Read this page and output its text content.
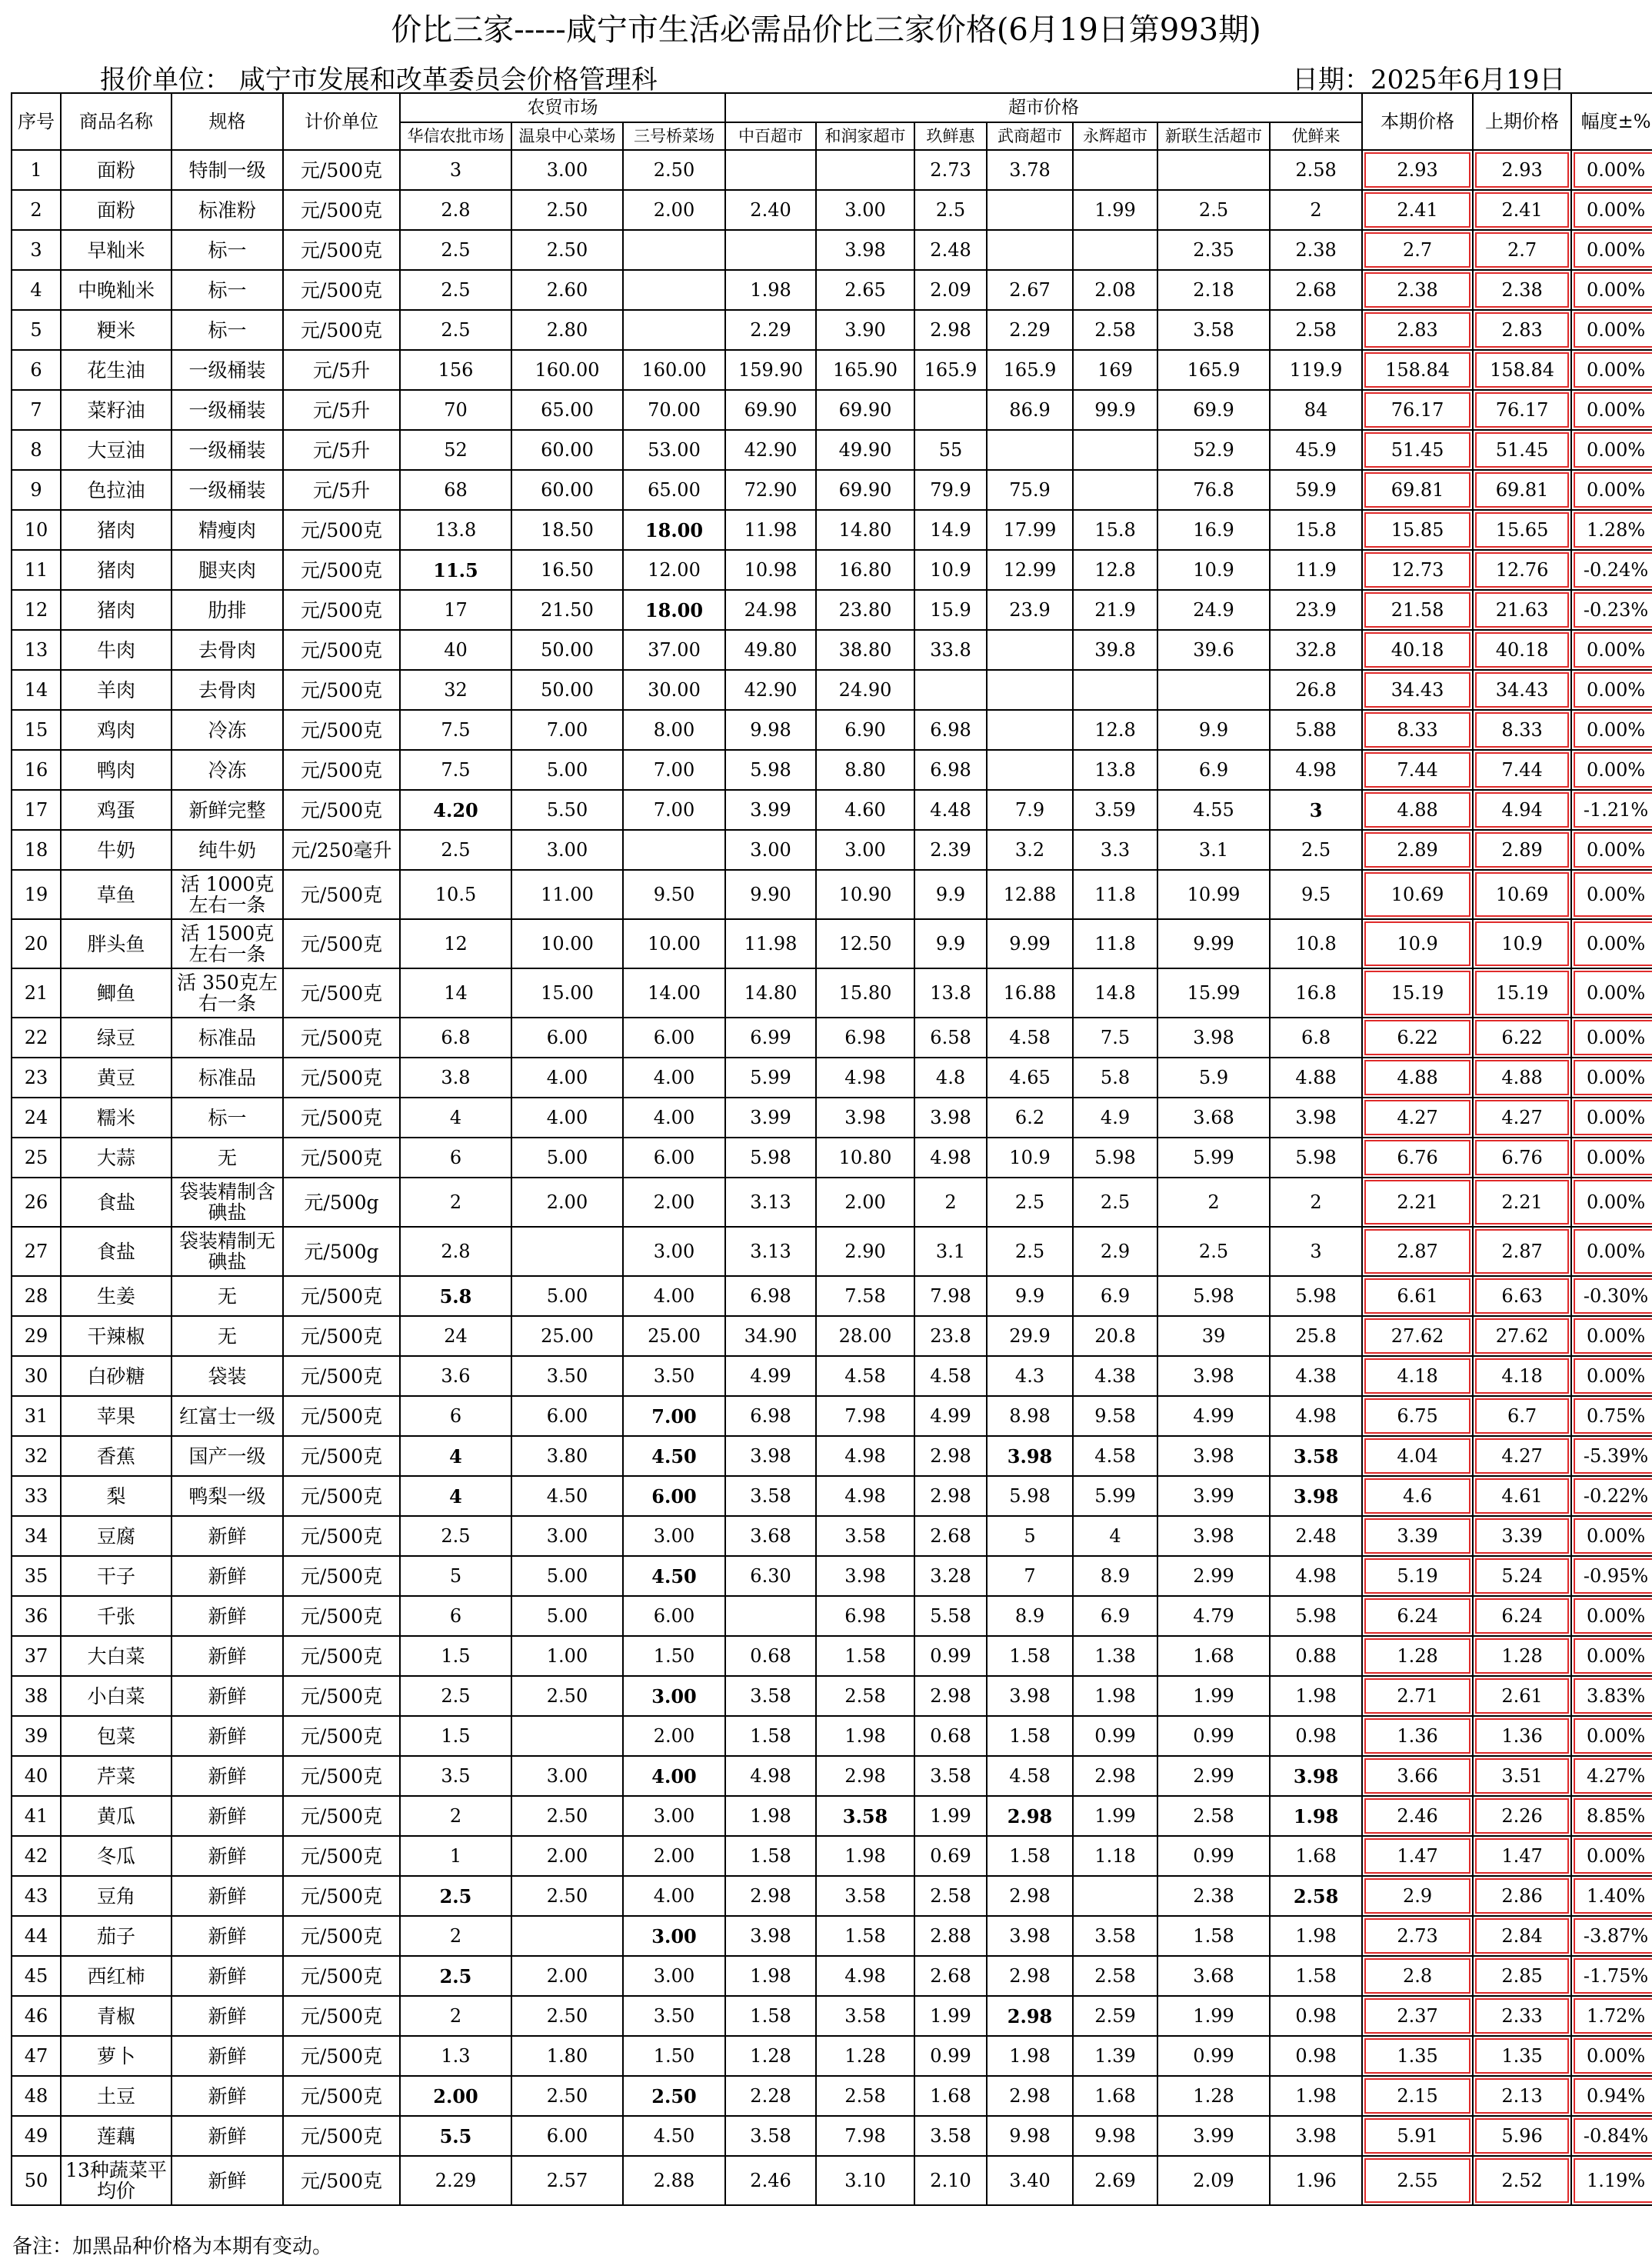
价比三家-----咸宁市生活必需品价比三家价格(6月19日第993期)
报价单位： 咸宁市发展和改革委员会价格管理科	日期：2025年6月19日
序号	商品名称	规格	计价单位	农贸市场			超市价格							本期价格	上期价格	幅度±%
				华信农批市场	温泉中心菜场	三号桥菜场	中百超市	和润家超市	玖鲜惠	武商超市	永辉超市	新联生活超市	优鲜来			
1	面粉	特制一级	元/500克	3	3.00	2.50			2.73	3.78			2.58	2.93	2.93	0.00%
2	面粉	标准粉	元/500克	2.8	2.50	2.00	2.40	3.00	2.5		1.99	2.5	2	2.41	2.41	0.00%
3	早籼米	标一	元/500克	2.5	2.50			3.98	2.48			2.35	2.38	2.7	2.7	0.00%
4	中晚籼米	标一	元/500克	2.5	2.60		1.98	2.65	2.09	2.67	2.08	2.18	2.68	2.38	2.38	0.00%
5	粳米	标一	元/500克	2.5	2.80		2.29	3.90	2.98	2.29	2.58	3.58	2.58	2.83	2.83	0.00%
6	花生油	一级桶装	元/5升	156	160.00	160.00	159.90	165.90	165.9	165.9	169	165.9	119.9	158.84	158.84	0.00%
7	菜籽油	一级桶装	元/5升	70	65.00	70.00	69.90	69.90		86.9	99.9	69.9	84	76.17	76.17	0.00%
8	大豆油	一级桶装	元/5升	52	60.00	53.00	42.90	49.90	55			52.9	45.9	51.45	51.45	0.00%
9	色拉油	一级桶装	元/5升	68	60.00	65.00	72.90	69.90	79.9	75.9		76.8	59.9	69.81	69.81	0.00%
10	猪肉	精瘦肉	元/500克	13.8	18.50	18.00	11.98	14.80	14.9	17.99	15.8	16.9	15.8	15.85	15.65	1.28%
11	猪肉	腿夹肉	元/500克	11.5	16.50	12.00	10.98	16.80	10.9	12.99	12.8	10.9	11.9	12.73	12.76	-0.24%
12	猪肉	肋排	元/500克	17	21.50	18.00	24.98	23.80	15.9	23.9	21.9	24.9	23.9	21.58	21.63	-0.23%
13	牛肉	去骨肉	元/500克	40	50.00	37.00	49.80	38.80	33.8		39.8	39.6	32.8	40.18	40.18	0.00%
14	羊肉	去骨肉	元/500克	32	50.00	30.00	42.90	24.90					26.8	34.43	34.43	0.00%
15	鸡肉	冷冻	元/500克	7.5	7.00	8.00	9.98	6.90	6.98		12.8	9.9	5.88	8.33	8.33	0.00%
16	鸭肉	冷冻	元/500克	7.5	5.00	7.00	5.98	8.80	6.98		13.8	6.9	4.98	7.44	7.44	0.00%
17	鸡蛋	新鲜完整	元/500克	4.20	5.50	7.00	3.99	4.60	4.48	7.9	3.59	4.55	3	4.88	4.94	-1.21%
18	牛奶	纯牛奶	元/250毫升	2.5	3.00		3.00	3.00	2.39	3.2	3.3	3.1	2.5	2.89	2.89	0.00%
19	草鱼	活 1000克左右一条	元/500克	10.5	11.00	9.50	9.90	10.90	9.9	12.88	11.8	10.99	9.5	10.69	10.69	0.00%
20	胖头鱼	活 1500克左右一条	元/500克	12	10.00	10.00	11.98	12.50	9.9	9.99	11.8	9.99	10.8	10.9	10.9	0.00%
21	鲫鱼	活 350克左右一条	元/500克	14	15.00	14.00	14.80	15.80	13.8	16.88	14.8	15.99	16.8	15.19	15.19	0.00%
22	绿豆	标准品	元/500克	6.8	6.00	6.00	6.99	6.98	6.58	4.58	7.5	3.98	6.8	6.22	6.22	0.00%
23	黄豆	标准品	元/500克	3.8	4.00	4.00	5.99	4.98	4.8	4.65	5.8	5.9	4.88	4.88	4.88	0.00%
24	糯米	标一	元/500克	4	4.00	4.00	3.99	3.98	3.98	6.2	4.9	3.68	3.98	4.27	4.27	0.00%
25	大蒜	无	元/500克	6	5.00	6.00	5.98	10.80	4.98	10.9	5.98	5.99	5.98	6.76	6.76	0.00%
26	食盐	袋装精制含碘盐	元/500g	2	2.00	2.00	3.13	2.00	2	2.5	2.5	2	2	2.21	2.21	0.00%
27	食盐	袋装精制无碘盐	元/500g	2.8		3.00	3.13	2.90	3.1	2.5	2.9	2.5	3	2.87	2.87	0.00%
28	生姜	无	元/500克	5.8	5.00	4.00	6.98	7.58	7.98	9.9	6.9	5.98	5.98	6.61	6.63	-0.30%
29	干辣椒	无	元/500克	24	25.00	25.00	34.90	28.00	23.8	29.9	20.8	39	25.8	27.62	27.62	0.00%
30	白砂糖	袋装	元/500克	3.6	3.50	3.50	4.99	4.58	4.58	4.3	4.38	3.98	4.38	4.18	4.18	0.00%
31	苹果	红富士一级	元/500克	6	6.00	7.00	6.98	7.98	4.99	8.98	9.58	4.99	4.98	6.75	6.7	0.75%
32	香蕉	国产一级	元/500克	4	3.80	4.50	3.98	4.98	2.98	3.98	4.58	3.98	3.58	4.04	4.27	-5.39%
33	梨	鸭梨一级	元/500克	4	4.50	6.00	3.58	4.98	2.98	5.98	5.99	3.99	3.98	4.6	4.61	-0.22%
34	豆腐	新鲜	元/500克	2.5	3.00	3.00	3.68	3.58	2.68	5	4	3.98	2.48	3.39	3.39	0.00%
35	干子	新鲜	元/500克	5	5.00	4.50	6.30	3.98	3.28	7	8.9	2.99	4.98	5.19	5.24	-0.95%
36	千张	新鲜	元/500克	6	5.00	6.00		6.98	5.58	8.9	6.9	4.79	5.98	6.24	6.24	0.00%
37	大白菜	新鲜	元/500克	1.5	1.00	1.50	0.68	1.58	0.99	1.58	1.38	1.68	0.88	1.28	1.28	0.00%
38	小白菜	新鲜	元/500克	2.5	2.50	3.00	3.58	2.58	2.98	3.98	1.98	1.99	1.98	2.71	2.61	3.83%
39	包菜	新鲜	元/500克	1.5		2.00	1.58	1.98	0.68	1.58	0.99	0.99	0.98	1.36	1.36	0.00%
40	芹菜	新鲜	元/500克	3.5	3.00	4.00	4.98	2.98	3.58	4.58	2.98	2.99	3.98	3.66	3.51	4.27%
41	黄瓜	新鲜	元/500克	2	2.50	3.00	1.98	3.58	1.99	2.98	1.99	2.58	1.98	2.46	2.26	8.85%
42	冬瓜	新鲜	元/500克	1	2.00	2.00	1.58	1.98	0.69	1.58	1.18	0.99	1.68	1.47	1.47	0.00%
43	豆角	新鲜	元/500克	2.5	2.50	4.00	2.98	3.58	2.58	2.98		2.38	2.58	2.9	2.86	1.40%
44	茄子	新鲜	元/500克	2		3.00	3.98	1.58	2.88	3.98	3.58	1.58	1.98	2.73	2.84	-3.87%
45	西红柿	新鲜	元/500克	2.5	2.00	3.00	1.98	4.98	2.68	2.98	2.58	3.68	1.58	2.8	2.85	-1.75%
46	青椒	新鲜	元/500克	2	2.50	3.50	1.58	3.58	1.99	2.98	2.59	1.99	0.98	2.37	2.33	1.72%
47	萝卜	新鲜	元/500克	1.3	1.80	1.50	1.28	1.28	0.99	1.98	1.39	0.99	0.98	1.35	1.35	0.00%
48	土豆	新鲜	元/500克	2.00	2.50	2.50	2.28	2.58	1.68	2.98	1.68	1.28	1.98	2.15	2.13	0.94%
49	莲藕	新鲜	元/500克	5.5	6.00	4.50	3.58	7.98	3.58	9.98	9.98	3.99	3.98	5.91	5.96	-0.84%
50	13种蔬菜平均价	新鲜	元/500克	2.29	2.57	2.88	2.46	3.10	2.10	3.40	2.69	2.09	1.96	2.55	2.52	1.19%
备注：加黑品种价格为本期有变动。
